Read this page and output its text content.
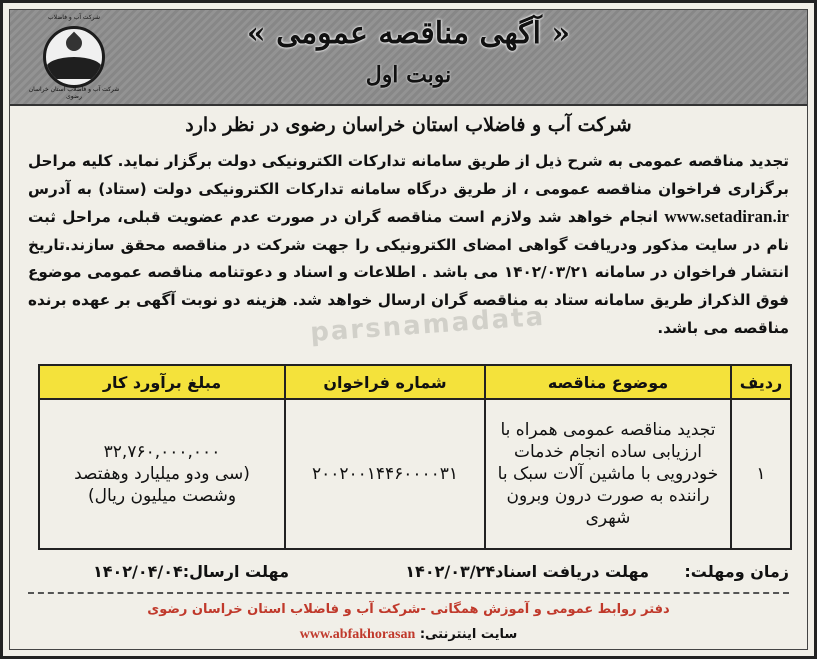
شرکت آب و فاضلاب
شرکت آب و فاضلاب استان خراسان رضوی
« آگهی مناقصه عمومی »
نوبت اول
شرکت آب و فاضلاب استان خراسان رضوی در نظر دارد
تجدید مناقصه عمومی به شرح ذیل از طریق سامانه تدارکات الکترونیکی دولت برگزار نماید. کلیه مراحل برگزاری فراخوان مناقصه عمومی ، از طریق درگاه سامانه تدارکات الکترونیکی دولت (ستاد) به آدرس www.setadiran.ir انجام خواهد شد ولازم است مناقصه گران در صورت عدم عضویت قبلی، مراحل ثبت نام در سایت مذکور ودریافت گواهی امضای الکترونیکی را جهت شرکت در مناقصه محقق سازند.تاریخ انتشار فراخوان در سامانه ۱۴۰۲/۰۳/۲۱ می باشد . اطلاعات و اسناد و دعوتنامه مناقصه عمومی موضوع فوق الذکراز طریق سامانه ستاد به مناقصه گران ارسال خواهد شد. هزینه دو نوبت آگهی بر عهده برنده مناقصه می باشد.
parsnamadata
ردیف	موضوع مناقصه	شماره فراخوان	مبلغ برآورد کار
۱	تجدید مناقصه عمومی همراه با ارزیابی ساده انجام خدمات خودرویی با ماشین آلات سبک با راننده به صورت درون وبرون شهری	۲۰۰۲۰۰۱۴۴۶۰۰۰۰۳۱	۳۲,۷۶۰,۰۰۰,۰۰۰
(سی ودو میلیارد وهفتصد وشصت میلیون ریال)
زمان ومهلت:
مهلت دریافت اسناد۱۴۰۲/۰۳/۲۴
مهلت ارسال:۱۴۰۲/۰۴/۰۴
دفتر روابط عمومی و آموزش همگانی -شرکت آب و فاضلاب استان خراسان رضوی
سایت اینترنتی: www.abfakhorasan
